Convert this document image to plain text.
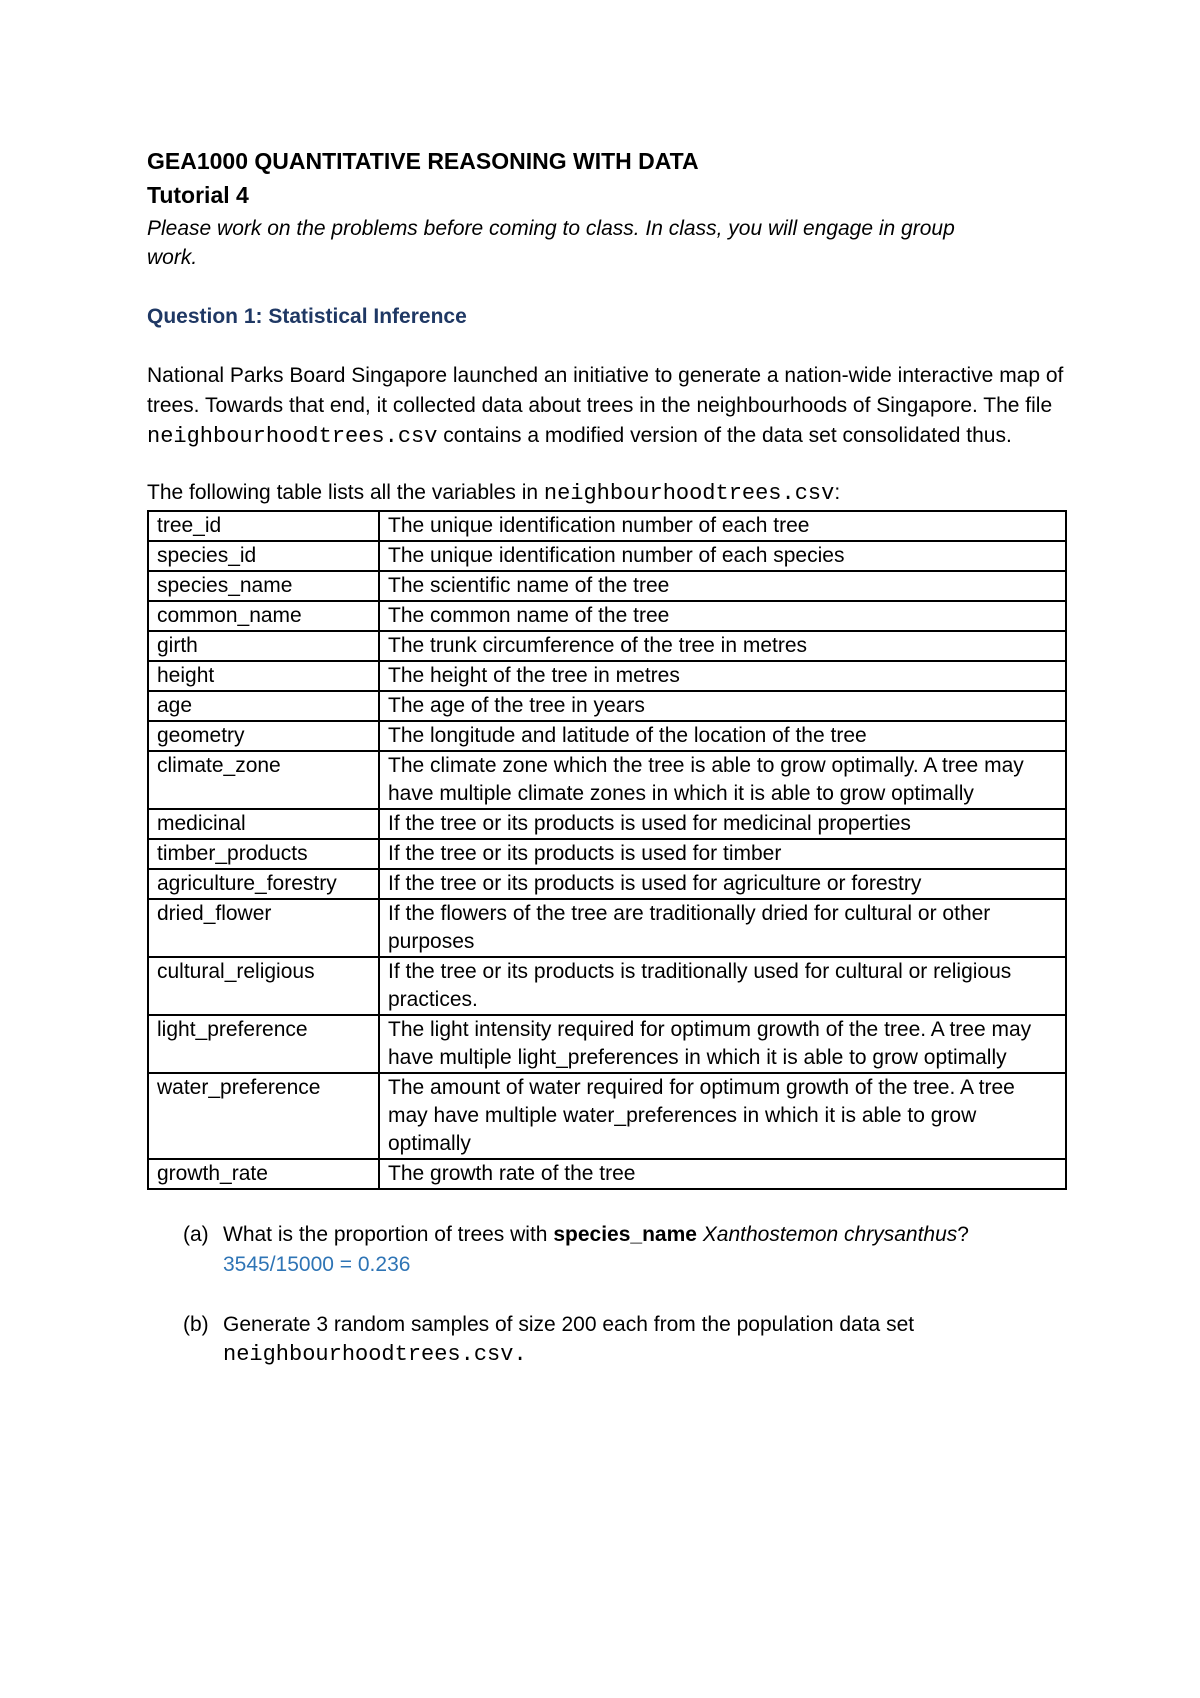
GEA1000 QUANTITATIVE REASONING WITH DATA

Tutorial 4

Please work on the problems before coming to class. In class, you will engage in group work.

Question 1: Statistical Inference

National Parks Board Singapore launched an initiative to generate a nation-wide interactive map of trees. Towards that end, it collected data about trees in the neighbourhoods of Singapore. The file neighbourhoodtrees.csv contains a modified version of the data set consolidated thus.

The following table lists all the variables in neighbourhoodtrees.csv:

tree_id	The unique identification number of each tree
species_id	The unique identification number of each species
species_name	The scientific name of the tree
common_name	The common name of the tree
girth	The trunk circumference of the tree in metres
height	The height of the tree in metres
age	The age of the tree in years
geometry	The longitude and latitude of the location of the tree
climate_zone	The climate zone which the tree is able to grow optimally. A tree may have multiple climate zones in which it is able to grow optimally
medicinal	If the tree or its products is used for medicinal properties
timber_products	If the tree or its products is used for timber
agriculture_forestry	If the tree or its products is used for agriculture or forestry
dried_flower	If the flowers of the tree are traditionally dried for cultural or other purposes
cultural_religious	If the tree or its products is traditionally used for cultural or religious practices.
light_preference	The light intensity required for optimum growth of the tree. A tree may have multiple light_preferences in which it is able to grow optimally
water_preference	The amount of water required for optimum growth of the tree. A tree may have multiple water_preferences in which it is able to grow optimally
growth_rate	The growth rate of the tree
(a) What is the proportion of trees with species_name Xanthostemon chrysanthus?
3545/15000 = 0.236
(b) Generate 3 random samples of size 200 each from the population data set
neighbourhoodtrees.csv.
